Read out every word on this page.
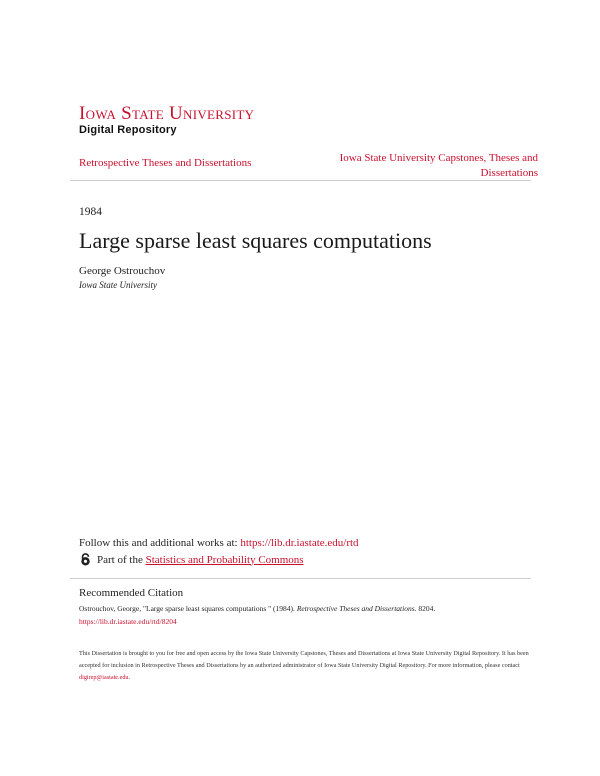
Iowa State University
Digital Repository
Retrospective Theses and Dissertations	Iowa State University Capstones, Theses and Dissertations
1984
Large sparse least squares computations
George Ostrouchov
Iowa State University
Follow this and additional works at: https://lib.dr.iastate.edu/rtd
Part of the
Statistics and Probability Commons
Recommended Citation
Ostrouchov, George, "Large sparse least squares computations " (1984). Retrospective Theses and Dissertations. 8204.
https://lib.dr.iastate.edu/rtd/8204
This Dissertation is brought to you for free and open access by the Iowa State University Capstones, Theses and Dissertations at Iowa State University Digital Repository. It has been accepted for inclusion in Retrospective Theses and Dissertations by an authorized administrator of Iowa State University Digital Repository. For more information, please contact digirep@iastate.edu.
